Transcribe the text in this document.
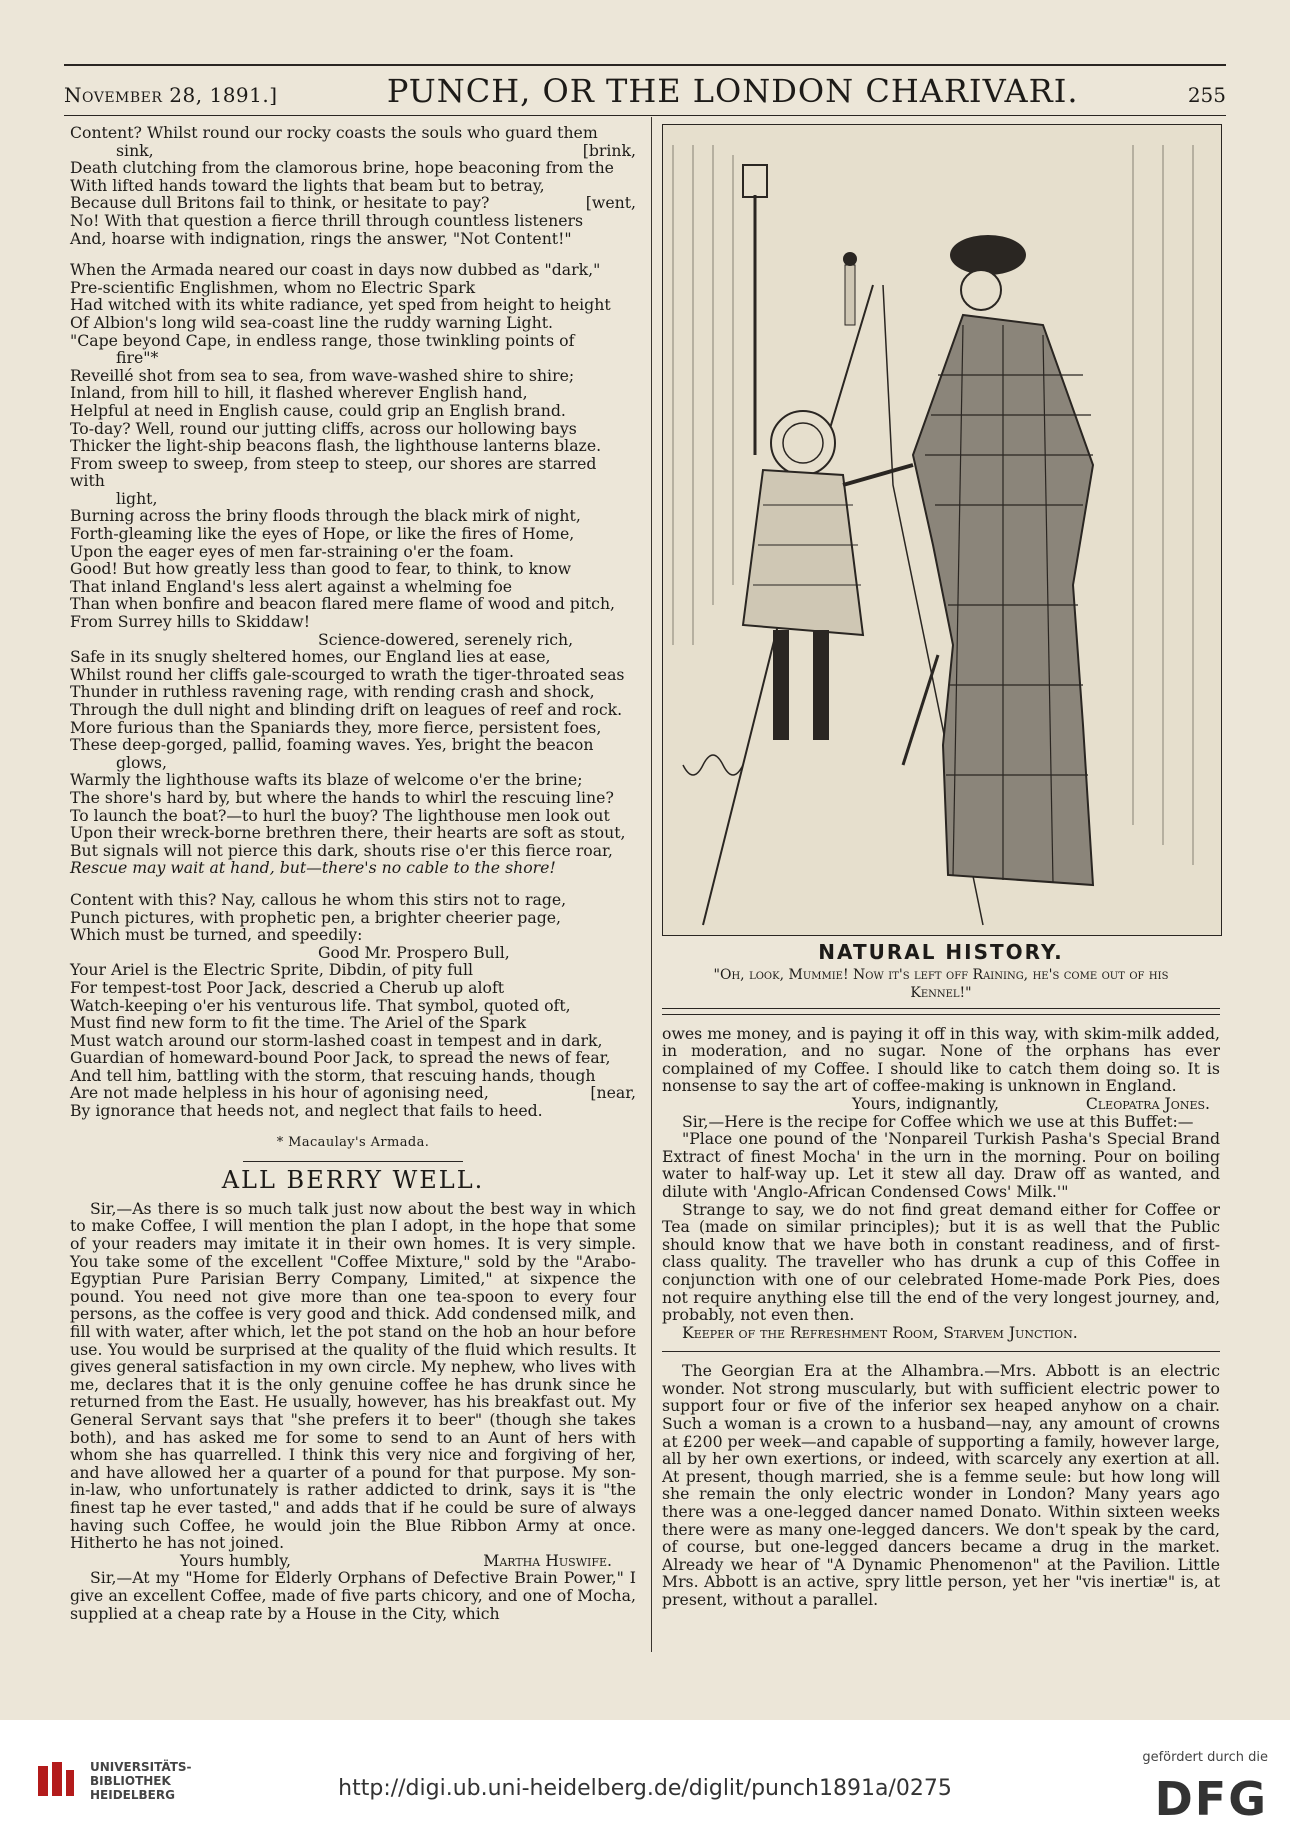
November 28, 1891.]	PUNCH, OR THE LONDON CHARIVARI.	255

Content? Whilst round our rocky coasts the souls who guard them

sink,	[brink,

Death clutching from the clamorous brine, hope beaconing from the

With lifted hands toward the lights that beam but to betray,

Because dull Britons fail to think, or hesitate to pay?	[went,

No! With that question a fierce thrill through countless listeners

And, hoarse with indignation, rings the answer, "Not Content!"

When the Armada neared our coast in days now dubbed as "dark,"

Pre-scientific Englishmen, whom no Electric Spark

Had witched with its white radiance, yet sped from height to height

Of Albion's long wild sea-coast line the ruddy warning Light.

"Cape beyond Cape, in endless range, those twinkling points of

fire"*

Reveillé shot from sea to sea, from wave-washed shire to shire;

Inland, from hill to hill, it flashed wherever English hand,

Helpful at need in English cause, could grip an English brand.

To-day? Well, round our jutting cliffs, across our hollowing bays

Thicker the light-ship beacons flash, the lighthouse lanterns blaze.

From sweep to sweep, from steep to steep, our shores are starred with

light,

Burning across the briny floods through the black mirk of night,

Forth-gleaming like the eyes of Hope, or like the fires of Home,

Upon the eager eyes of men far-straining o'er the foam.

Good! But how greatly less than good to fear, to think, to know

That inland England's less alert against a whelming foe

Than when bonfire and beacon flared mere flame of wood and pitch,

From Surrey hills to Skiddaw!

Science-dowered, serenely rich,

Safe in its snugly sheltered homes, our England lies at ease,

Whilst round her cliffs gale-scourged to wrath the tiger-throated seas

Thunder in ruthless ravening rage, with rending crash and shock,

Through the dull night and blinding drift on leagues of reef and rock.

More furious than the Spaniards they, more fierce, persistent foes,

These deep-gorged, pallid, foaming waves. Yes, bright the beacon

glows,

Warmly the lighthouse wafts its blaze of welcome o'er the brine;

The shore's hard by, but where the hands to whirl the rescuing line?

To launch the boat?—to hurl the buoy? The lighthouse men look out

Upon their wreck-borne brethren there, their hearts are soft as stout,

But signals will not pierce this dark, shouts rise o'er this fierce roar,

Rescue may wait at hand, but—there's no cable to the shore!

Content with this? Nay, callous he whom this stirs not to rage,

Punch pictures, with prophetic pen, a brighter cheerier page,

Which must be turned, and speedily:

Good Mr. Prospero Bull,

Your Ariel is the Electric Sprite, Dibdin, of pity full

For tempest-tost Poor Jack, descried a Cherub up aloft

Watch-keeping o'er his venturous life. That symbol, quoted oft,

Must find new form to fit the time. The Ariel of the Spark

Must watch around our storm-lashed coast in tempest and in dark,

Guardian of homeward-bound Poor Jack, to spread the news of fear,

And tell him, battling with the storm, that rescuing hands, though

Are not made helpless in his hour of agonising need,	[near,

By ignorance that heeds not, and neglect that fails to heed.

* Macaulay's Armada.
ALL BERRY WELL.

Sir,—As there is so much talk just now about the best way in which to make Coffee, I will mention the plan I adopt, in the hope that some of your readers may imitate it in their own homes. It is very simple. You take some of the excellent "Coffee Mixture," sold by the "Arabo-Egyptian Pure Parisian Berry Company, Limited," at sixpence the pound. You need not give more than one tea-spoon to every four persons, as the coffee is very good and thick. Add condensed milk, and fill with water, after which, let the pot stand on the hob an hour before use. You would be surprised at the quality of the fluid which results. It gives general satisfaction in my own circle. My nephew, who lives with me, declares that it is the only genuine coffee he has drunk since he returned from the East. He usually, however, has his breakfast out. My General Servant says that "she prefers it to beer" (though she takes both), and has asked me for some to send to an Aunt of hers with whom she has quarrelled. I think this very nice and forgiving of her, and have allowed her a quarter of a pound for that purpose. My son-in-law, who unfortunately is rather addicted to drink, says it is "the finest tap he ever tasted," and adds that if he could be sure of always having such Coffee, he would join the Blue Ribbon Army at once. Hitherto he has not joined.

Yours humbly,	Martha Huswife.

Sir,—At my "Home for Elderly Orphans of Defective Brain Power," I give an excellent Coffee, made of five parts chicory, and one of Mocha, supplied at a cheap rate by a House in the City, which

NATURAL HISTORY.
"Oh, look, Mummie! Now it's left off Raining, he's come out of his Kennel!"

owes me money, and is paying it off in this way, with skim-milk added, in moderation, and no sugar. None of the orphans has ever complained of my Coffee. I should like to catch them doing so. It is nonsense to say the art of coffee-making is unknown in England.

Yours, indignantly,	Cleopatra Jones.

Sir,—Here is the recipe for Coffee which we use at this Buffet:—

"Place one pound of the 'Nonpareil Turkish Pasha's Special Brand Extract of finest Mocha' in the urn in the morning. Pour on boiling water to half-way up. Let it stew all day. Draw off as wanted, and dilute with 'Anglo-African Condensed Cows' Milk.'"

Strange to say, we do not find great demand either for Coffee or Tea (made on similar principles); but it is as well that the Public should know that we have both in constant readiness, and of first-class quality. The traveller who has drunk a cup of this Coffee in conjunction with one of our celebrated Home-made Pork Pies, does not require anything else till the end of the very longest journey, and, probably, not even then.

Keeper of the Refreshment Room, Starvem Junction.

The Georgian Era at the Alhambra.—Mrs. Abbott is an electric wonder. Not strong muscularly, but with sufficient electric power to support four or five of the inferior sex heaped anyhow on a chair. Such a woman is a crown to a husband—nay, any amount of crowns at £200 per week—and capable of supporting a family, however large, all by her own exertions, or indeed, with scarcely any exertion at all. At present, though married, she is a femme seule: but how long will she remain the only electric wonder in London? Many years ago there was a one-legged dancer named Donato. Within sixteen weeks there were as many one-legged dancers. We don't speak by the card, of course, but one-legged dancers became a drug in the market. Already we hear of "A Dynamic Phenomenon" at the Pavilion. Little Mrs. Abbott is an active, spry little person, yet her "vis inertiæ" is, at present, without a parallel.

UNIVERSITÄTS-
BIBLIOTHEK
HEIDELBERG	http://digi.ub.uni-heidelberg.de/diglit/punch1891a/0275
gefördert durch die
DFG
